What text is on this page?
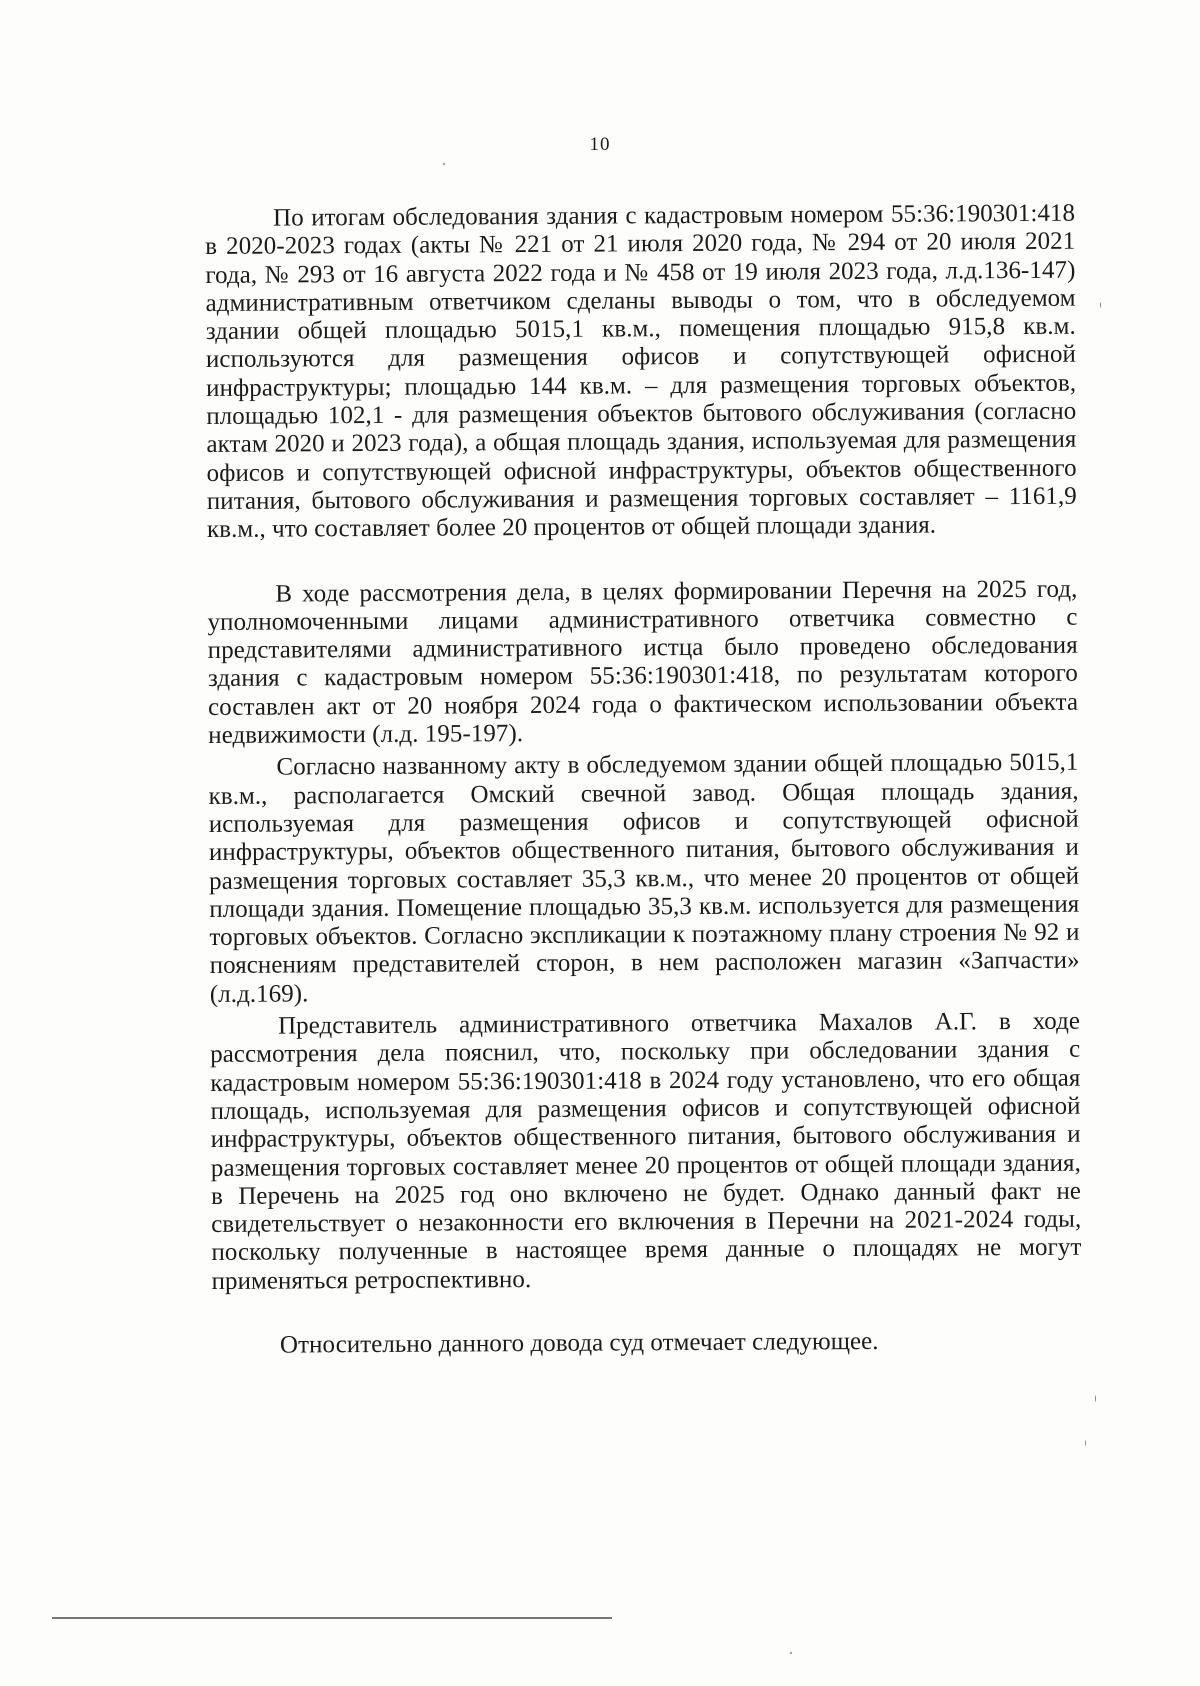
10

По итогам обследования здания с кадастровым номером 55:36:190301:418 в 2020-2023 годах (акты № 221 от 21 июля 2020 года, № 294 от 20 июля 2021 года, № 293 от 16 августа 2022 года и № 458 от 19 июля 2023 года, л.д.136-147) административным ответчиком сделаны выводы о том, что в обследуемом здании общей площадью 5015,1 кв.м., помещения площадью 915,8 кв.м. используются для размещения офисов и сопутствующей офисной инфраструктуры; площадью 144 кв.м. – для размещения торговых объектов, площадью 102,1 - для размещения объектов бытового обслуживания (согласно актам 2020 и 2023 года), а общая площадь здания, используемая для размещения офисов и сопутствующей офисной инфраструктуры, объектов общественного питания, бытового обслуживания и размещения торговых составляет – 1161,9 кв.м., что составляет более 20 процентов от общей площади здания.

В ходе рассмотрения дела, в целях формировании Перечня на 2025 год, уполномоченными лицами административного ответчика совместно с представителями административного истца было проведено обследования здания с кадастровым номером 55:36:190301:418, по результатам которого составлен акт от 20 ноября 2024 года о фактическом использовании объекта недвижимости (л.д. 195-197).

Согласно названному акту в обследуемом здании общей площадью 5015,1 кв.м., располагается Омский свечной завод. Общая площадь здания, используемая для размещения офисов и сопутствующей офисной инфраструктуры, объектов общественного питания, бытового обслуживания и размещения торговых составляет 35,3 кв.м., что менее 20 процентов от общей площади здания. Помещение площадью 35,3 кв.м. используется для размещения торговых объектов. Согласно экспликации к поэтажному плану строения № 92 и пояснениям представителей сторон, в нем расположен магазин «Запчасти» (л.д.169).

Представитель административного ответчика Махалов А.Г. в ходе рассмотрения дела пояснил, что, поскольку при обследовании здания с кадастровым номером 55:36:190301:418 в 2024 году установлено, что его общая площадь, используемая для размещения офисов и сопутствующей офисной инфраструктуры, объектов общественного питания, бытового обслуживания и размещения торговых составляет менее 20 процентов от общей площади здания, в Перечень на 2025 год оно включено не будет. Однако данный факт не свидетельствует о незаконности его включения в Перечни на 2021-2024 годы, поскольку полученные в настоящее время данные о площадях не могут применяться ретроспективно.

Относительно данного довода суд отмечает следующее.
